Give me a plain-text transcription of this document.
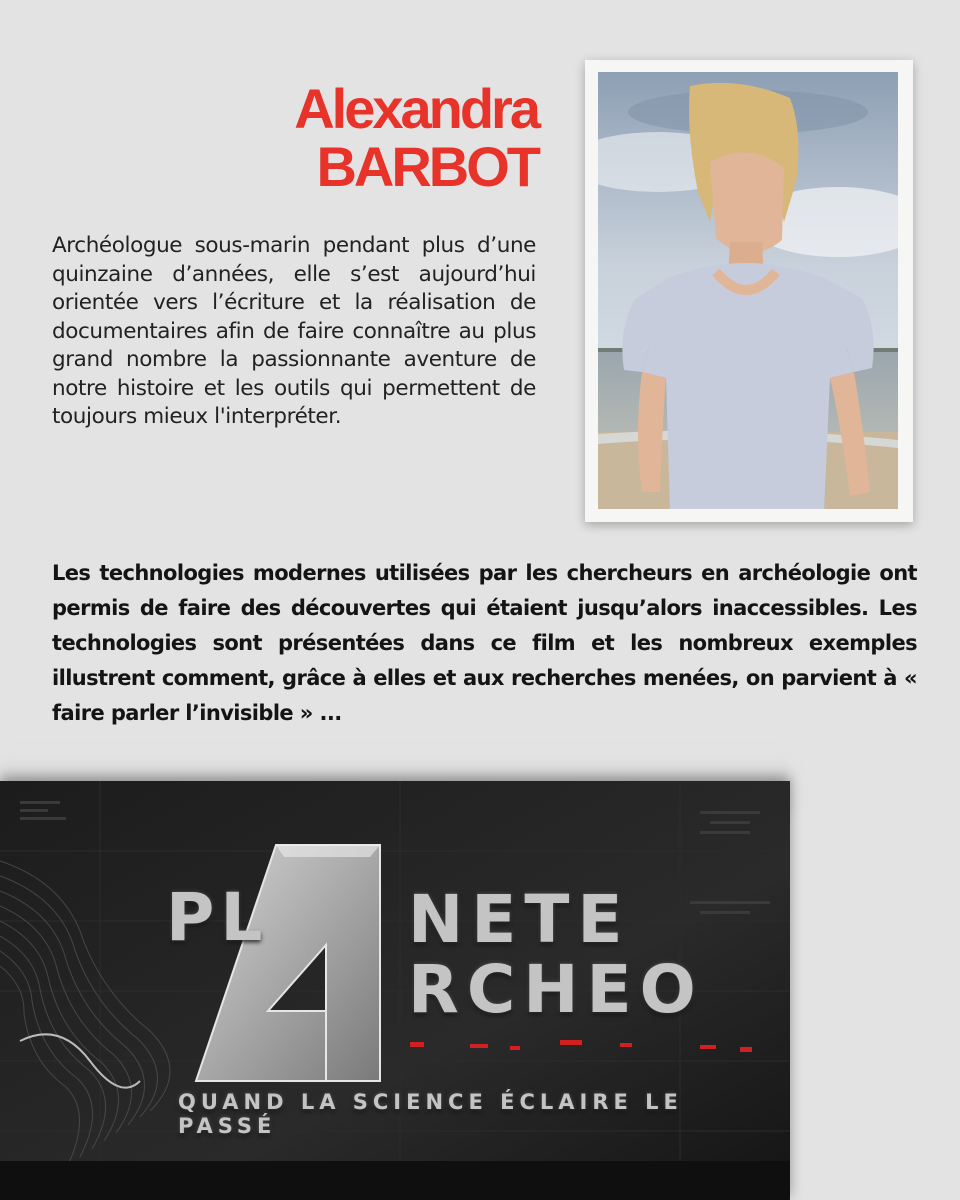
Alexandra
BARBOT
Archéologue sous-marin pendant plus d’une quinzaine d’années, elle s’est aujourd’hui orientée vers l’écriture et la réalisation de documentaires afin de faire connaître au plus grand nombre la passionnante aventure de notre histoire et les outils qui permettent de toujours mieux l'interpréter.
Les technologies modernes utilisées par les chercheurs en archéologie ont permis de faire des découvertes qui étaient jusqu’alors inaccessibles. Les technologies sont présentées dans ce film et les nombreux exemples illustrent comment, grâce à elles et aux recherches menées, on parvient à « faire parler l’invisible » ...
PL NETE
RCHEO
QUAND LA SCIENCE ÉCLAIRE LE PASSÉ
